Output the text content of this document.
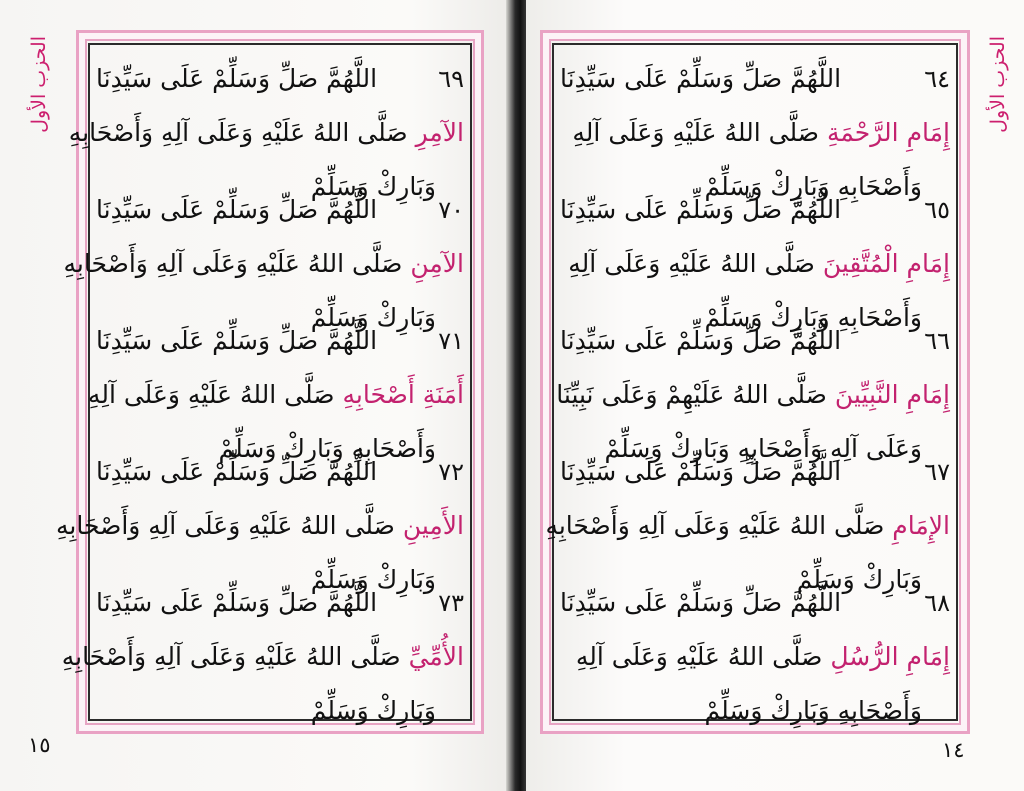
الحزب الأول
١٥
٦٩
اللَّهُمَّ صَلِّ وَسَلِّمْ عَلَى سَيِّدِنَا
الآمِرِ صَلَّى اللهُ عَلَيْهِ وَعَلَى آلِهِ وَأَصْحَابِهِ
وَبَارِكْ وَسَلِّمْ
٧٠
اللَّهُمَّ صَلِّ وَسَلِّمْ عَلَى سَيِّدِنَا
الآمِنِ صَلَّى اللهُ عَلَيْهِ وَعَلَى آلِهِ وَأَصْحَابِهِ
وَبَارِكْ وَسَلِّمْ
٧١
اللَّهُمَّ صَلِّ وَسَلِّمْ عَلَى سَيِّدِنَا
أَمَنَةِ أَصْحَابِهِ صَلَّى اللهُ عَلَيْهِ وَعَلَى آلِهِ
وَأَصْحَابِهِ وَبَارِكْ وَسَلِّمْ
٧٢
اللَّهُمَّ صَلِّ وَسَلِّمْ عَلَى سَيِّدِنَا
الأَمِينِ صَلَّى اللهُ عَلَيْهِ وَعَلَى آلِهِ وَأَصْحَابِهِ
وَبَارِكْ وَسَلِّمْ
٧٣
اللَّهُمَّ صَلِّ وَسَلِّمْ عَلَى سَيِّدِنَا
الأُمِّيِّ صَلَّى اللهُ عَلَيْهِ وَعَلَى آلِهِ وَأَصْحَابِهِ
وَبَارِكْ وَسَلِّمْ
الحزب الأول
١٤
٦٤
اللَّهُمَّ صَلِّ وَسَلِّمْ عَلَى سَيِّدِنَا
إِمَامِ الرَّحْمَةِ صَلَّى اللهُ عَلَيْهِ وَعَلَى آلِهِ
وَأَصْحَابِهِ وَبَارِكْ وَسَلِّمْ
٦٥
اللَّهُمَّ صَلِّ وَسَلِّمْ عَلَى سَيِّدِنَا
إِمَامِ الْمُتَّقِينَ صَلَّى اللهُ عَلَيْهِ وَعَلَى آلِهِ
وَأَصْحَابِهِ وَبَارِكْ وَسَلِّمْ
٦٦
اللَّهُمَّ صَلِّ وَسَلِّمْ عَلَى سَيِّدِنَا
إِمَامِ النَّبِيِّينَ صَلَّى اللهُ عَلَيْهِمْ وَعَلَى نَبِيِّنَا
وَعَلَى آلِهِ وَأَصْحَابِهِ وَبَارِكْ وَسَلِّمْ
٦٧
اللَّهُمَّ صَلِّ وَسَلِّمْ عَلَى سَيِّدِنَا
الإِمَامِ صَلَّى اللهُ عَلَيْهِ وَعَلَى آلِهِ وَأَصْحَابِهِ
وَبَارِكْ وَسَلِّمْ
٦٨
اللَّهُمَّ صَلِّ وَسَلِّمْ عَلَى سَيِّدِنَا
إِمَامِ الرُّسُلِ صَلَّى اللهُ عَلَيْهِ وَعَلَى آلِهِ
وَأَصْحَابِهِ وَبَارِكْ وَسَلِّمْ
